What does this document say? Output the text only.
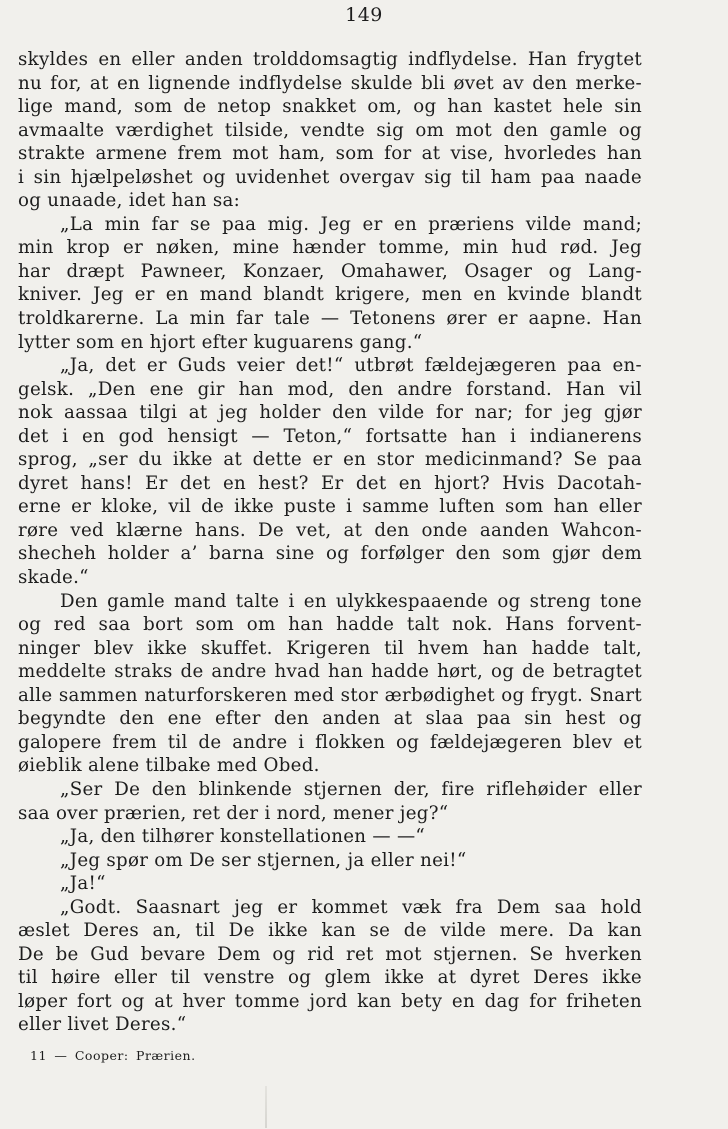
149
skyldes en eller anden trolddomsagtig indflydelse. Han frygtet
nu for, at en lignende indflydelse skulde bli øvet av den merke-
lige mand, som de netop snakket om, og han kastet hele sin
avmaalte værdighet tilside, vendte sig om mot den gamle og
strakte armene frem mot ham, som for at vise, hvorledes han
i sin hjælpeløshet og uvidenhet overgav sig til ham paa naade
og unaade, idet han sa:
„La min far se paa mig. Jeg er en præriens vilde mand;
min krop er nøken, mine hænder tomme, min hud rød. Jeg
har dræpt Pawneer, Konzaer, Omahawer, Osager og Lang-
kniver. Jeg er en mand blandt krigere, men en kvinde blandt
troldkarerne. La min far tale — Tetonens ører er aapne. Han
lytter som en hjort efter kuguarens gang.“
„Ja, det er Guds veier det!“ utbrøt fældejægeren paa en-
gelsk. „Den ene gir han mod, den andre forstand. Han vil
nok aassaa tilgi at jeg holder den vilde for nar; for jeg gjør
det i en god hensigt — Teton,“ fortsatte han i indianerens
sprog, „ser du ikke at dette er en stor medicinmand? Se paa
dyret hans! Er det en hest? Er det en hjort? Hvis Dacotah-
erne er kloke, vil de ikke puste i samme luften som han eller
røre ved klærne hans. De vet, at den onde aanden Wahcon-
shecheh holder a’ barna sine og forfølger den som gjør dem
skade.“
Den gamle mand talte i en ulykkespaaende og streng tone
og red saa bort som om han hadde talt nok. Hans forvent-
ninger blev ikke skuffet. Krigeren til hvem han hadde talt,
meddelte straks de andre hvad han hadde hørt, og de betragtet
alle sammen naturforskeren med stor ærbødighet og frygt. Snart
begyndte den ene efter den anden at slaa paa sin hest og
galopere frem til de andre i flokken og fældejægeren blev et
øieblik alene tilbake med Obed.
„Ser De den blinkende stjernen der, fire riflehøider eller
saa over prærien, ret der i nord, mener jeg?“
„Ja, den tilhører konstellationen — —“
„Jeg spør om De ser stjernen, ja eller nei!“
„Ja!“
„Godt. Saasnart jeg er kommet væk fra Dem saa hold
æslet Deres an, til De ikke kan se de vilde mere. Da kan
De be Gud bevare Dem og rid ret mot stjernen. Se hverken
til høire eller til venstre og glem ikke at dyret Deres ikke
løper fort og at hver tomme jord kan bety en dag for friheten
eller livet Deres.“
11 — Cooper: Prærien.
